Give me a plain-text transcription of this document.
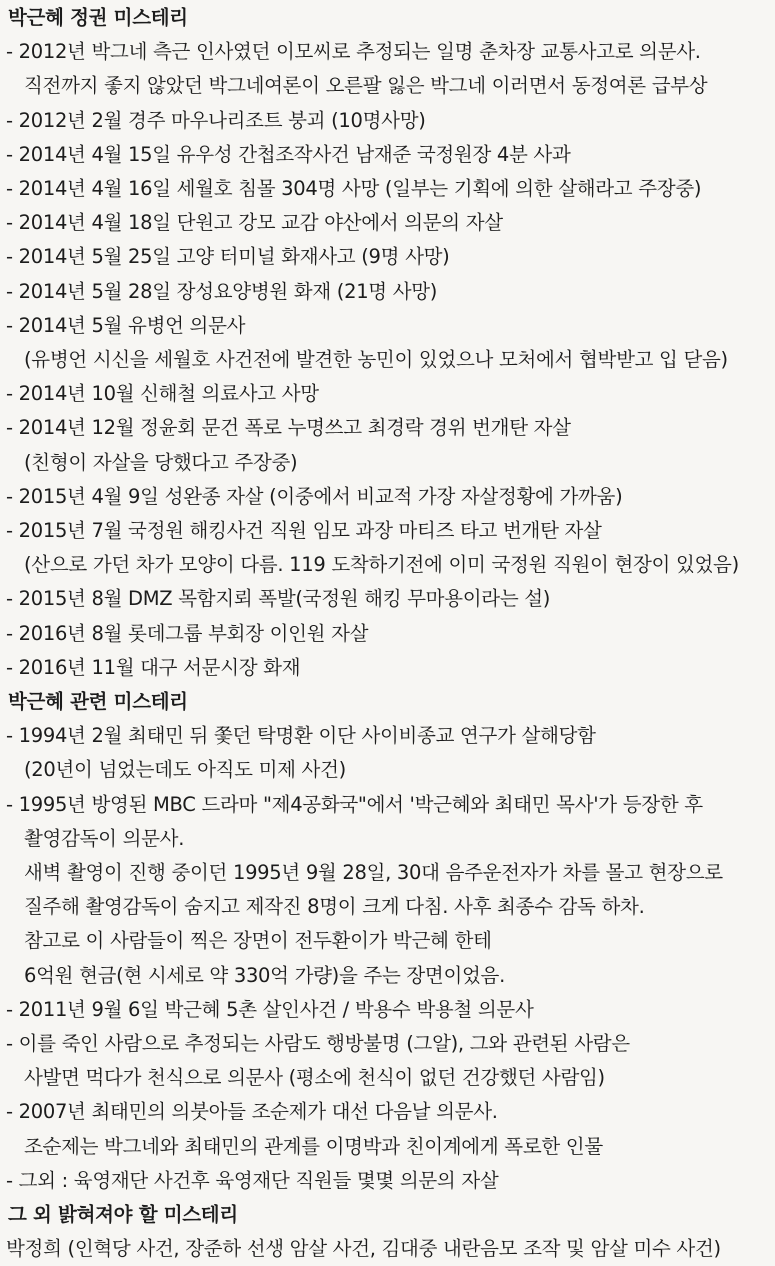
박근혜 정권 미스테리
- 2012년 박그네 측근 인사였던 이모씨로 추정되는 일명 춘차장 교통사고로 의문사.
직전까지 좋지 않았던 박그네여론이 오른팔 잃은 박그네 이러면서 동정여론 급부상
- 2012년 2월 경주 마우나리조트 붕괴 (10명사망)
- 2014년 4월 15일 유우성 간첩조작사건 남재준 국정원장 4분 사과
- 2014년 4월 16일 세월호 침몰 304명 사망 (일부는 기획에 의한 살해라고 주장중)
- 2014년 4월 18일 단원고 강모 교감 야산에서 의문의 자살
- 2014년 5월 25일 고양 터미널 화재사고 (9명 사망)
- 2014년 5월 28일 장성요양병원 화재 (21명 사망)
- 2014년 5월 유병언 의문사
(유병언 시신을 세월호 사건전에 발견한 농민이 있었으나 모처에서 협박받고 입 닫음)
- 2014년 10월 신해철 의료사고 사망
- 2014년 12월 정윤회 문건 폭로 누명쓰고 최경락 경위 번개탄 자살
(친형이 자살을 당했다고 주장중)
- 2015년 4월 9일 성완종 자살 (이중에서 비교적 가장 자살정황에 가까움)
- 2015년 7월 국정원 해킹사건 직원 임모 과장 마티즈 타고 번개탄 자살
(산으로 가던 차가 모양이 다름. 119 도착하기전에 이미 국정원 직원이 현장이 있었음)
- 2015년 8월 DMZ 목함지뢰 폭발(국정원 해킹 무마용이라는 설)
- 2016년 8월 롯데그룹 부회장 이인원 자살
- 2016년 11월 대구 서문시장 화재
박근혜 관련 미스테리
- 1994년 2월 최태민 뒤 쫓던 탁명환 이단 사이비종교 연구가 살해당함
(20년이 넘었는데도 아직도 미제 사건)
- 1995년 방영된 MBC 드라마 "제4공화국"에서 '박근혜와 최태민 목사'가 등장한 후
촬영감독이 의문사.
새벽 촬영이 진행 중이던 1995년 9월 28일, 30대 음주운전자가 차를 몰고 현장으로
질주해 촬영감독이 숨지고 제작진 8명이 크게 다침. 사후 최종수 감독 하차.
참고로 이 사람들이 찍은 장면이 전두환이가 박근혜 한테
6억원 현금(현 시세로 약 330억 가량)을 주는 장면이었음.
- 2011년 9월 6일 박근혜 5촌 살인사건 / 박용수 박용철 의문사
- 이를 죽인 사람으로 추정되는 사람도 행방불명 (그알), 그와 관련된 사람은
사발면 먹다가 천식으로 의문사 (평소에 천식이 없던 건강했던 사람임)
- 2007년 최태민의 의붓아들 조순제가 대선 다음날 의문사.
조순제는 박그네와 최태민의 관계를 이명박과 친이계에게 폭로한 인물
- 그외 : 육영재단 사건후 육영재단 직원들 몇몇 의문의 자살
그 외 밝혀져야 할 미스테리
박정희 (인혁당 사건, 장준하 선생 암살 사건, 김대중 내란음모 조작 및 암살 미수 사건)
